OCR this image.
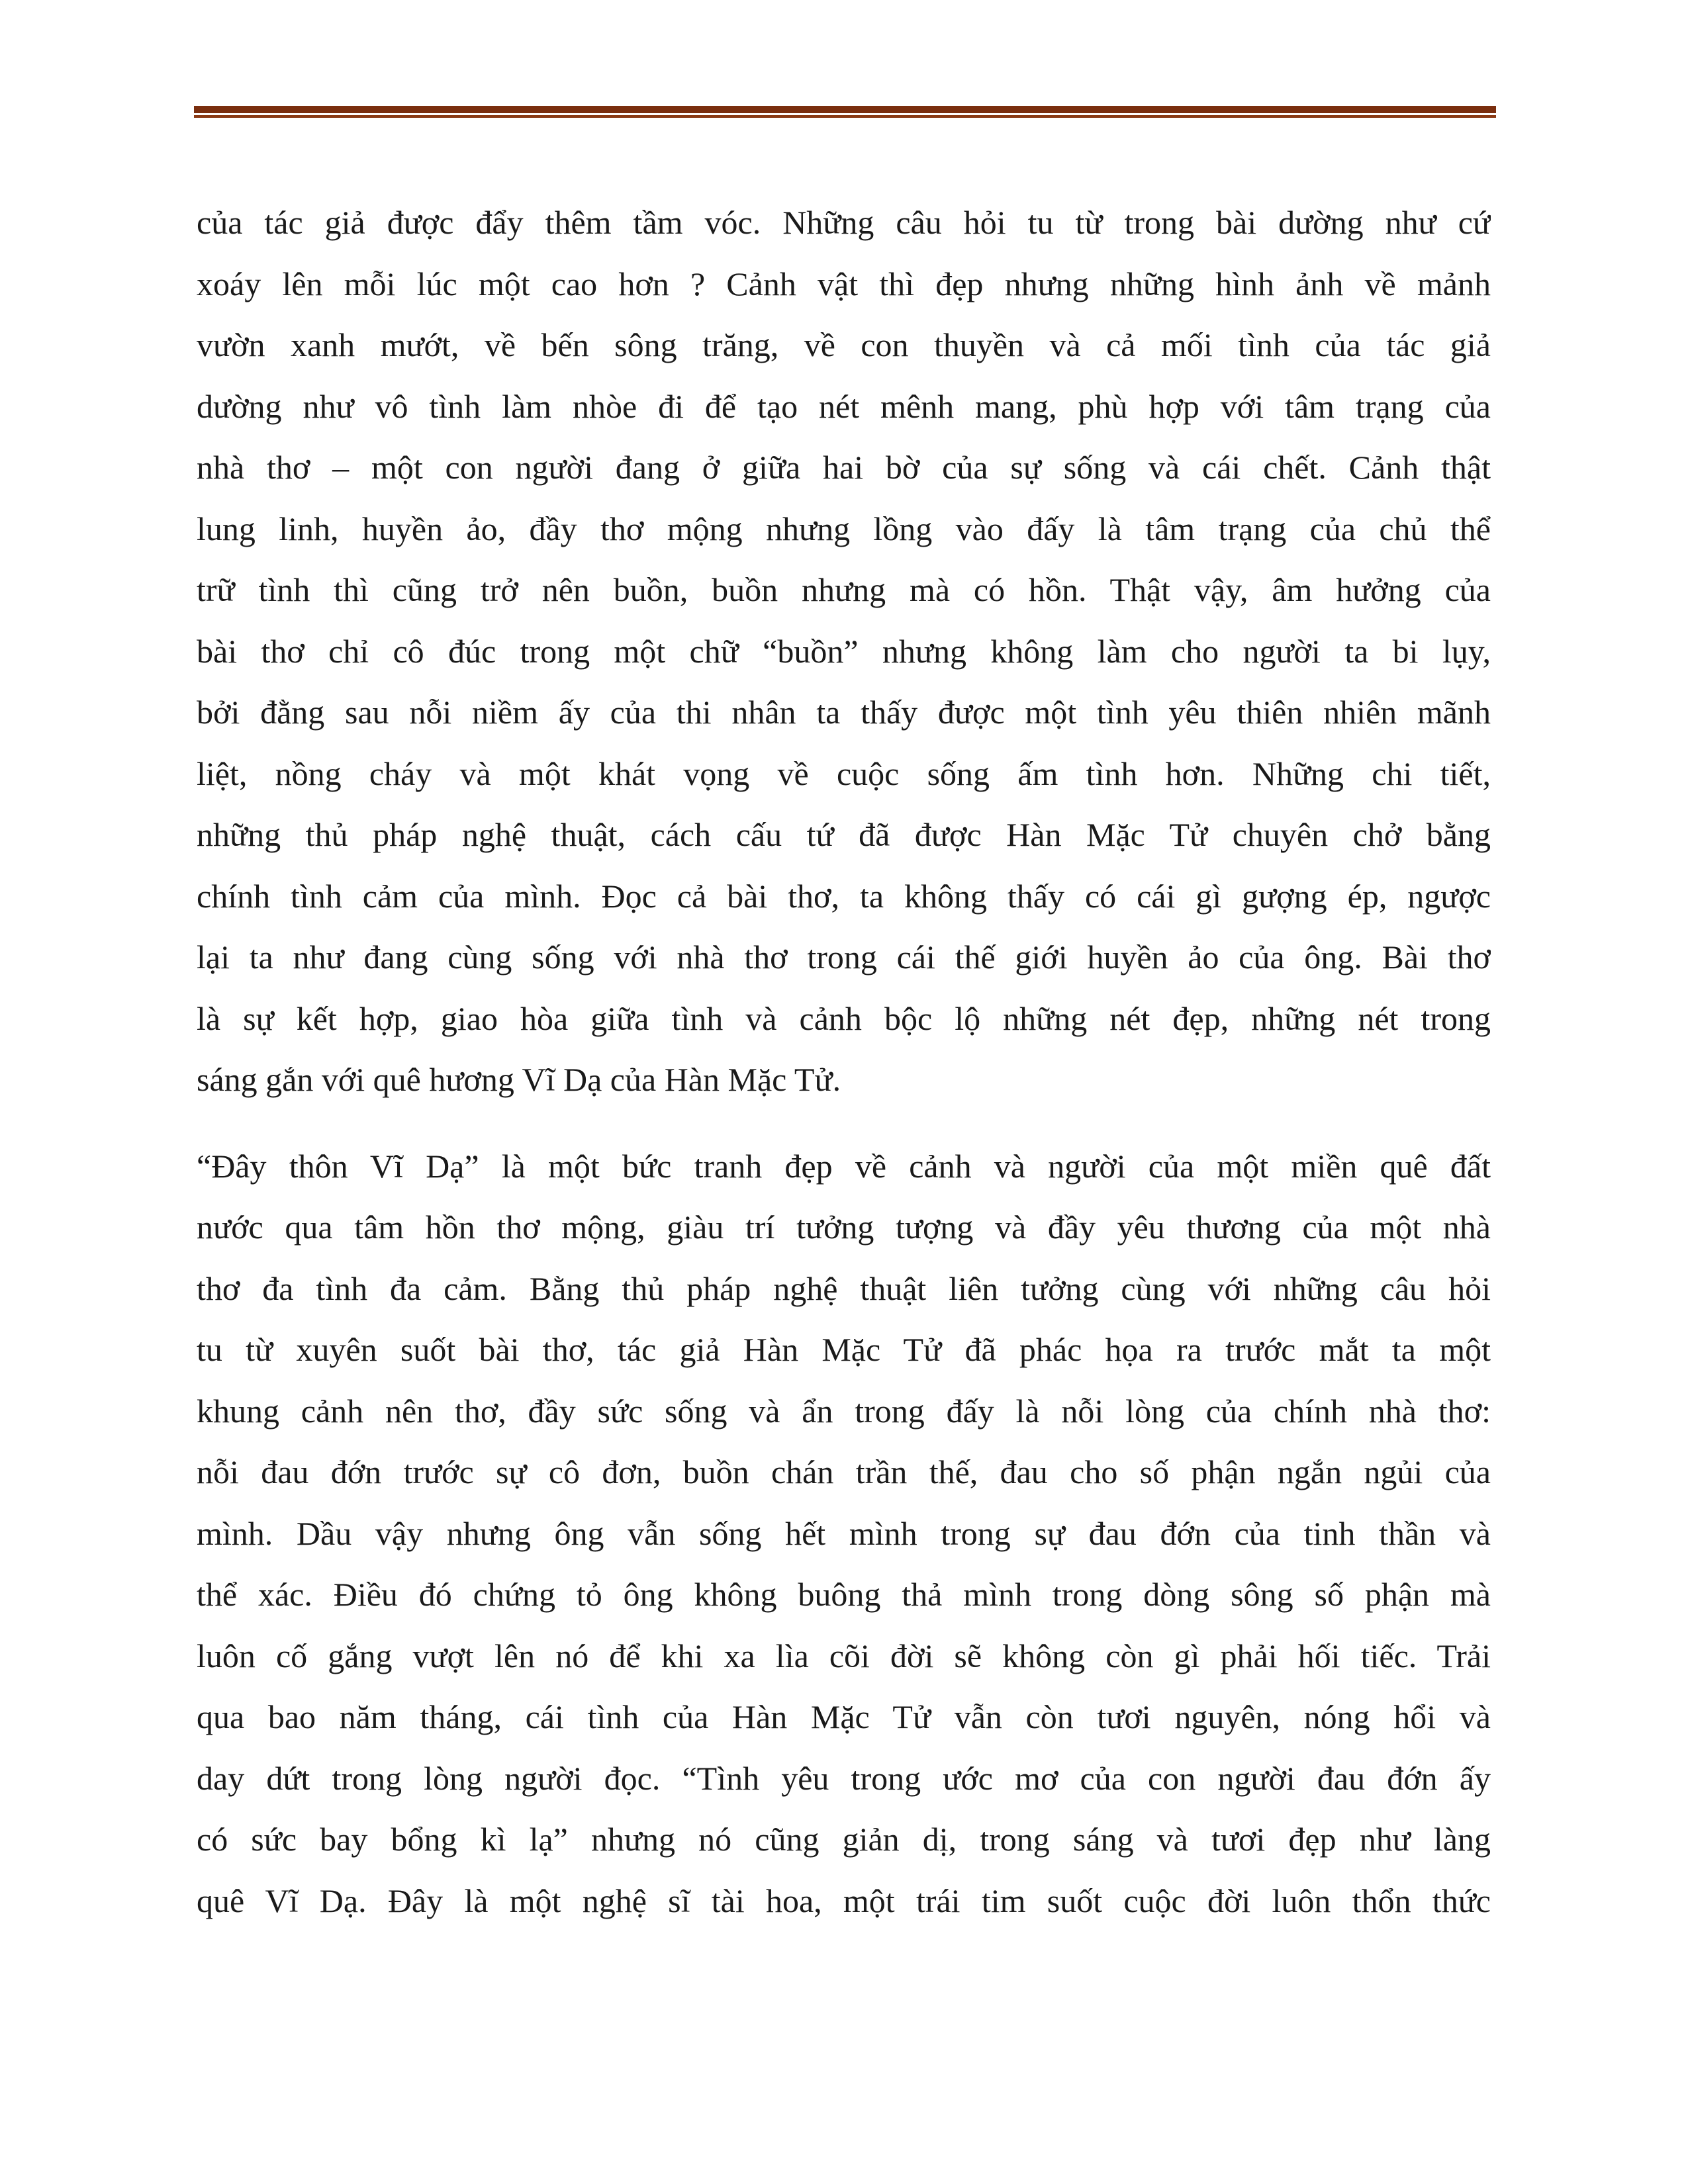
của tác giả được đẩy thêm tầm vóc. Những câu hỏi tu từ trong bài dường như cứ
xoáy lên mỗi lúc một cao hơn ? Cảnh vật thì đẹp nhưng những hình ảnh về mảnh
vườn xanh mướt, về bến sông trăng, về con thuyền và cả mối tình của tác giả
dường như vô tình làm nhòe đi để tạo nét mênh mang, phù hợp với tâm trạng của
nhà thơ – một con người đang ở giữa hai bờ của sự sống và cái chết. Cảnh thật
lung linh, huyền ảo, đầy thơ mộng nhưng lồng vào đấy là tâm trạng của chủ thể
trữ tình thì cũng trở nên buồn, buồn nhưng mà có hồn. Thật vậy, âm hưởng của
bài thơ chỉ cô đúc trong một chữ “buồn” nhưng không làm cho người ta bi lụy,
bởi đằng sau nỗi niềm ấy của thi nhân ta thấy được một tình yêu thiên nhiên mãnh
liệt, nồng cháy và một khát vọng về cuộc sống ấm tình hơn. Những chi tiết,
những thủ pháp nghệ thuật, cách cấu tứ đã được Hàn Mặc Tử chuyên chở bằng
chính tình cảm của mình. Đọc cả bài thơ, ta không thấy có cái gì gượng ép, ngược
lại ta như đang cùng sống với nhà thơ trong cái thế giới huyền ảo của ông. Bài thơ
là sự kết hợp, giao hòa giữa tình và cảnh bộc lộ những nét đẹp, những nét trong
sáng gắn với quê hương Vĩ Dạ của Hàn Mặc Tử.
“Đây thôn Vĩ Dạ” là một bức tranh đẹp về cảnh và người của một miền quê đất
nước qua tâm hồn thơ mộng, giàu trí tưởng tượng và đầy yêu thương của một nhà
thơ đa tình đa cảm. Bằng thủ pháp nghệ thuật liên tưởng cùng với những câu hỏi
tu từ xuyên suốt bài thơ, tác giả Hàn Mặc Tử đã phác họa ra trước mắt ta một
khung cảnh nên thơ, đầy sức sống và ẩn trong đấy là nỗi lòng của chính nhà thơ:
nỗi đau đớn trước sự cô đơn, buồn chán trần thế, đau cho số phận ngắn ngủi của
mình. Dầu vậy nhưng ông vẫn sống hết mình trong sự đau đớn của tinh thần và
thể xác. Điều đó chứng tỏ ông không buông thả mình trong dòng sông số phận mà
luôn cố gắng vượt lên nó để khi xa lìa cõi đời sẽ không còn gì phải hối tiếc. Trải
qua bao năm tháng, cái tình của Hàn Mặc Tử vẫn còn tươi nguyên, nóng hổi và
day dứt trong lòng người đọc. “Tình yêu trong ước mơ của con người đau đớn ấy
có sức bay bổng kì lạ” nhưng nó cũng giản dị, trong sáng và tươi đẹp như làng
quê Vĩ Dạ. Đây là một nghệ sĩ tài hoa, một trái tim suốt cuộc đời luôn thổn thức
